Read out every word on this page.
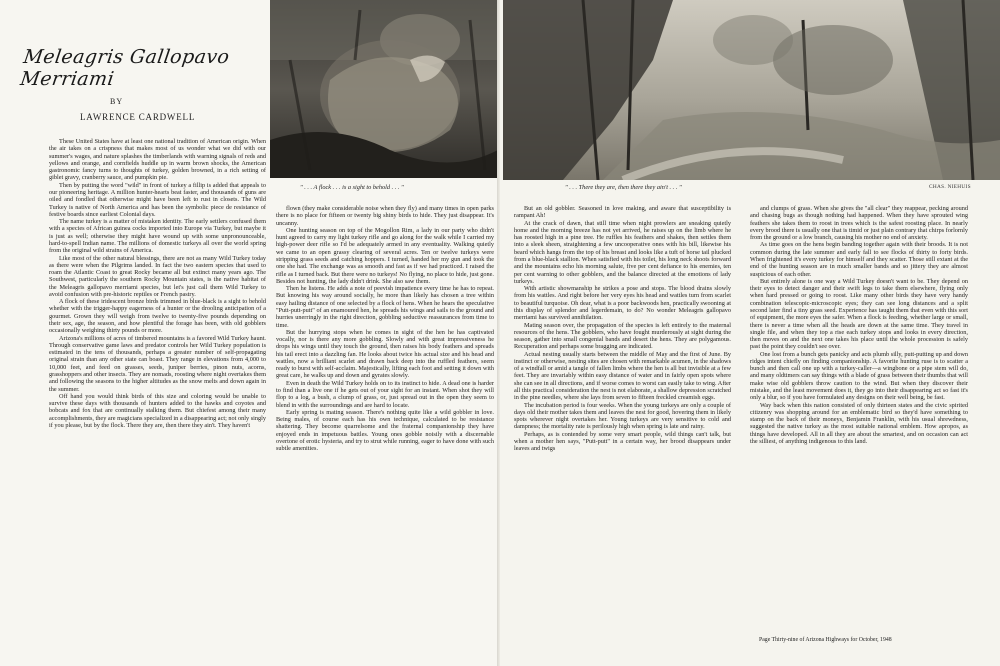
Meleagris Gallopavo Merriami
BY
LAWRENCE CARDWELL

These United States have at least one national tradition of American origin. When the air takes on a crispness that makes most of us wonder what we did with our summer's wages, and nature splashes the timberlands with warning signals of reds and yellows and orange, and cornfields huddle up in warm brown shocks, the American gastronomic fancy turns to thoughts of turkey, golden browned, in a rich setting of giblet gravy, cranberry sauce, and pumpkin pie.

Then by putting the word "wild" in front of turkey a fillip is added that appeals to our pioneering heritage. A million hunter-hearts beat faster, and thousands of guns are oiled and fondled that otherwise might have been left to rust in closets. The Wild Turkey is native of North America and has been the symbolic piece de resistance of festive boards since earliest Colonial days.

The name turkey is a matter of mistaken identity. The early settlers confused them with a species of African guinea cocks imported into Europe via Turkey, but maybe it is just as well; otherwise they might have wound up with some unpronounceable, hard-to-spell Indian name. The millions of domestic turkeys all over the world spring from the original wild strains of America.

Like most of the other natural blessings, there are not as many Wild Turkey today as there were when the Pilgrims landed. In fact the two eastern species that used to roam the Atlantic Coast to great Rocky became all but extinct many years ago. The Southwest, particularly the southern Rocky Mountain states, is the native habitat of the Meleagris gallopavo merriami species, but let's just call them Wild Turkey to avoid confusion with pre-historic reptiles or French pastry.

A flock of these iridescent bronze birds trimmed in blue-black is a sight to behold whether with the trigger-happy eagerness of a hunter or the drooling anticipation of a gourmet. Grown they will weigh from twelve to twenty-five pounds depending on their sex, age, the season, and how plentiful the forage has been, with old gobblers occasionally weighing thirty pounds or more.

Arizona's millions of acres of timbered mountains is a favored Wild Turkey haunt. Through conservative game laws and predator controls her Wild Turkey population is estimated in the tens of thousands, perhaps a greater number of self-propagating original strain than any other state can boast. They range in elevations from 4,000 to 10,000 feet, and feed on grasses, seeds, juniper berries, pinon nuts, acorns, grasshoppers and other insects. They are nomads, roosting where night overtakes them and following the seasons to the higher altitudes as the snow melts and down again in the summer.

Off hand you would think birds of this size and coloring would be unable to survive these days with thousands of hunters added to the hawks and coyotes and bobcats and fox that are continually stalking them. But chiefest among their many accomplishments, they are magicians specialized in a disappearing act; not only singly if you please, but by the flock. There they are, then there they ain't. They haven't

" . . . A flock . . . is a sight to behold . . . "

flown (they make considerable noise when they fly) and many times in open parks there is no place for fifteen or twenty big shiny birds to hide. They just disappear. It's uncanny.

One hunting season on top of the Mogollon Rim, a lady in our party who didn't hunt agreed to carry my light turkey rifle and go along for the walk while I carried my high-power deer rifle so I'd be adequately armed in any eventuality. Walking quietly we came to an open grassy clearing of several acres. Ten or twelve turkeys were stripping grass seeds and catching hoppers. I turned, handed her my gun and took the one she had. The exchange was as smooth and fast as if we had practiced. I raised the rifle as I turned back. But there were no turkeys! No flying, no place to hide, just gone. Besides not hunting, the lady didn't drink. She also saw them.

Then he listens. He adds a note of peevish impatience every time he has to repeat. But knowing his way around socially, he more than likely has chosen a tree within easy hailing distance of one selected by a flock of hens. When he hears the speculative "Putt-putt-putt" of an enamoured hen, he spreads his wings and sails to the ground and hurries unerringly in the right direction, gobbling seductive reassurances from time to time.

But the hurrying stops when he comes in sight of the hen he has captivated vocally, nor is there any more gobbling. Slowly and with great impressiveness he drops his wings until they touch the ground, then raises his body feathers and spreads his tail erect into a dazzling fan. He looks about twice his actual size and his head and wattles, now a brilliant scarlet and drawn back deep into the ruffled feathers, seem ready to burst with self-acclaim. Majestically, lifting each foot and setting it down with great care, he walks up and down and gyrates slowly.

Even in death the Wild Turkey holds on to its instinct to hide. A dead one is harder to find than a live one if he gets out of your sight for an instant. When shot they will flop to a log, a bush, a clump of grass, or, just spread out in the open they seem to blend in with the surroundings and are hard to locate.

Early spring is mating season. There's nothing quite like a wild gobbler in love. Being males, of course each has his own technique, calculated to be resistance shattering. They become quarrelsome and the fraternal companionship they have enjoyed ends in impetuous battles. Young ones gobble noisily with a discernable overtone of erotic hysteria, and try to strut while running, eager to have done with such subtle amenities.

" . . . There they are, then there they ain't . . . "	CHAS. NIEHUIS

But an old gobbler. Seasoned in love making, and aware that susceptibility is rampant Ah!

At the crack of dawn, that still time when night prowlers are sneaking quietly home and the morning breeze has not yet arrived, he raises up on the limb where he has roosted high in a pine tree. He ruffles his feathers and shakes, then settles them into a sleek sheen, straightening a few uncooperative ones with his bill, likewise his beard which hangs from the top of his breast and looks like a tuft of horse tail plucked from a blue-black stallion. When satisfied with his toilet, his long neck shoots forward and the mountains echo his morning salute, five per cent defiance to his enemies, ten per cent warning to other gobblers, and the balance directed at the emotions of lady turkeys.

With artistic showmanship he strikes a pose and stops. The blood drains slowly from his wattles. And right before her very eyes his head and wattles turn from scarlet to beautiful turquoise. Oh dear, what is a poor backwoods hen, practically swooning at this display of splendor and legerdemain, to do? No wonder Meleagris gallopavo merriami has survived annihilation.

Mating season over, the propagation of the species is left entirely to the maternal resources of the hens. The gobblers, who have fought murderously at sight during the season, gather into small congenial bands and desert the hens. They are polygamous. Recuperation and perhaps some bragging are indicated.

Actual nesting usually starts between the middle of May and the first of June. By instinct or otherwise, nesting sites are chosen with remarkable acumen, in the shadows of a windfall or amid a tangle of fallen limbs where the hen is all but invisible at a few feet. They are invariably within easy distance of water and in fairly open spots where she can see in all directions, and if worse comes to worst can easily take to wing. After all this practical consideration the nest is not elaborate, a shallow depression scratched in the pine needles, where she lays from seven to fifteen freckled creamish eggs.

The incubation period is four weeks. When the young turkeys are only a couple of days old their mother takes them and leaves the nest for good, hovering them in likely spots wherever night overtakes her. Young turkeys are very sensitive to cold and dampness; the mortality rate is perilously high when spring is late and rainy.

Perhaps, as is contended by some very smart people, wild things can't talk, but when a mother hen says, "Putt-putt" in a certain way, her brood disappears under leaves and twigs

and clumps of grass. When she gives the "all clear" they reappear, pecking around and chasing bugs as though nothing had happened. When they have sprouted wing feathers she takes them to roost in trees which is the safest roosting place. In nearly every brood there is usually one that is timid or just plain contrary that chirps forlornly from the ground or a low branch, causing his mother no end of anxiety.

As time goes on the hens begin banding together again with their broods. It is not common during the late summer and early fall to see flocks of thirty to forty birds. When frightened it's every turkey for himself and they scatter. Those still extant at the end of the hunting season are in much smaller bands and so jittery they are almost suspicious of each other.

But entirely alone is one way a Wild Turkey doesn't want to be. They depend on their eyes to detect danger and their swift legs to take them elsewhere, flying only when hard pressed or going to roost. Like many other birds they have very handy combination telescopic-microscopic eyes; they can see long distances and a split second later find a tiny grass seed. Experience has taught them that even with this sort of equipment, the more eyes the safer. When a flock is feeding, whether large or small, there is never a time when all the heads are down at the same time. They travel in single file, and when they top a rise each turkey stops and looks in every direction, then moves on and the next one takes his place until the whole procession is safely past the point they couldn't see over.

One lost from a bunch gets panicky and acts plumb silly, putt-putting up and down ridges intent chiefly on finding companionship. A favorite hunting ruse is to scatter a bunch and then call one up with a turkey-caller—a wingbone or a pipe stem will do, and many oldtimers can say things with a blade of grass between their thumbs that will make wise old gobblers throw caution to the wind. But when they discover their mistake, and the least movement does it, they go into their disappearing act so fast it's only a blur, so if you have formulated any designs on their well being, be fast.

Way back when this nation consisted of only thirteen states and the civic spirited citizenry was shopping around for an emblematic bird so they'd have something to stamp on the back of their moneys, Benjamin Franklin, with his usual shrewdness, suggested the native turkey as the most suitable national emblem. How apropos, as things have developed. All in all they are about the smartest, and on occasion can act the silliest, of anything indigenous to this land.

Page Thirty-nine of Arizona Highways for October, 1948
